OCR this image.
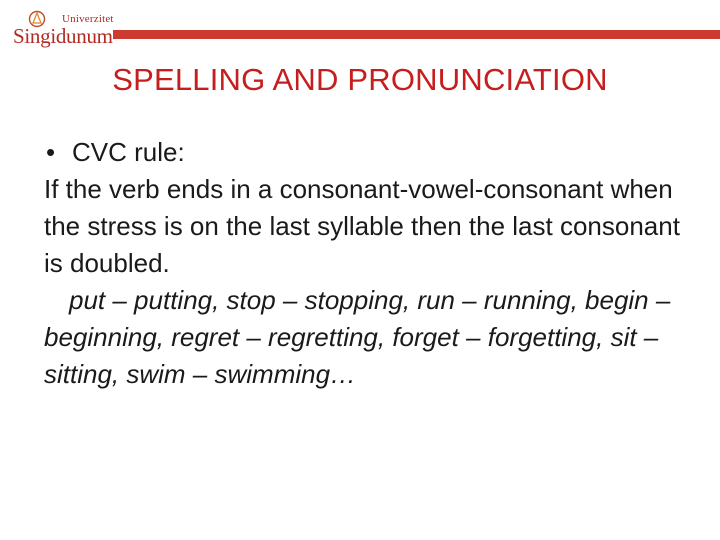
Univerzitet
Singidunum
SPELLING AND PRONUNCIATION
• CVC rule:

If the verb ends in a consonant-vowel-consonant when the stress is on the last syllable then the last consonant is doubled.

put – putting, stop – stopping, run – running, begin – beginning, regret – regretting, forget – forgetting, sit – sitting, swim – swimming…
